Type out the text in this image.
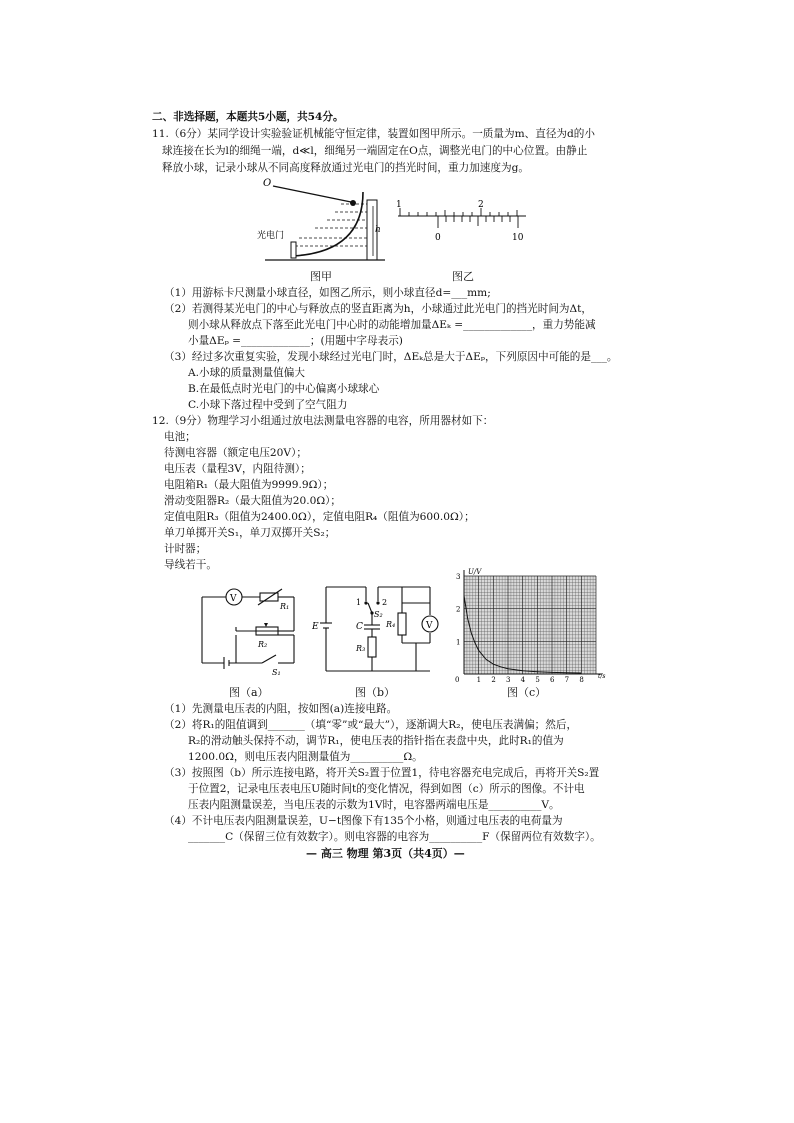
二、非选择题，本题共5小题，共54分。
11.（6分）某同学设计实验验证机械能守恒定律，装置如图甲所示。一质量为m、直径为d的小
球连接在长为l的细绳一端，d≪l，细绳另一端固定在O点，调整光电门的中心位置。由静止
释放小球，记录小球从不同高度释放通过光电门的挡光时间，重力加速度为g。
O
h
光电门
图甲
1	2
0	10
图乙
（1）用游标卡尺测量小球直径，如图乙所示，则小球直径d=___mm;
（2）若测得某光电门的中心与释放点的竖直距离为h，小球通过此光电门的挡光时间为Δt，
则小球从释放点下落至此光电门中心时的动能增加量ΔEₖ =_____________，重力势能减
小量ΔEₚ =_____________；(用题中字母表示)
（3）经过多次重复实验，发现小球经过光电门时，ΔEₖ总是大于ΔEₚ，下列原因中可能的是___。
A.小球的质量测量值偏大
B.在最低点时光电门的中心偏离小球球心
C.小球下落过程中受到了空气阻力
12.（9分）物理学习小组通过放电法测量电容器的电容，所用器材如下：
电池；
待测电容器（额定电压20V）；
电压表（量程3V，内阻待测）；
电阻箱R₁（最大阻值为9999.9Ω）；
滑动变阻器R₂（最大阻值为20.0Ω）；
定值电阻R₃（阻值为2400.0Ω），定值电阻R₄（阻值为600.0Ω）；
单刀单掷开关S₁，单刀双掷开关S₂；
计时器；
导线若干。
V
R₁
R₂
S₁
图（a）
E
1	2
S₂
C
R₃
R₄	V
图（b）
U/V
t/s
0 1 2 3 4 5 6 7 8
1
2
3
图（c）
（1）先测量电压表的内阻，按如图(a)连接电路。
（2）将R₁的阻值调到_______（填“零”或“最大”），逐渐调大R₂，使电压表满偏；然后，
R₂的滑动触头保持不动，调节R₁，使电压表的指针指在表盘中央，此时R₁的值为
1200.0Ω，则电压表内阻测量值为__________Ω。
（3）按照图（b）所示连接电路，将开关S₂置于位置1，待电容器充电完成后，再将开关S₂置
于位置2，记录电压表电压U随时间t的变化情况，得到如图（c）所示的图像。不计电
压表内阻测量误差，当电压表的示数为1V时，电容器两端电压是__________V。
（4）不计电压表内阻测量误差，U−t图像下有135个小格，则通过电压表的电荷量为
_______C（保留三位有效数字）。则电容器的电容为__________F（保留两位有效数字）。
— 高三 物理 第3页（共4页）—
